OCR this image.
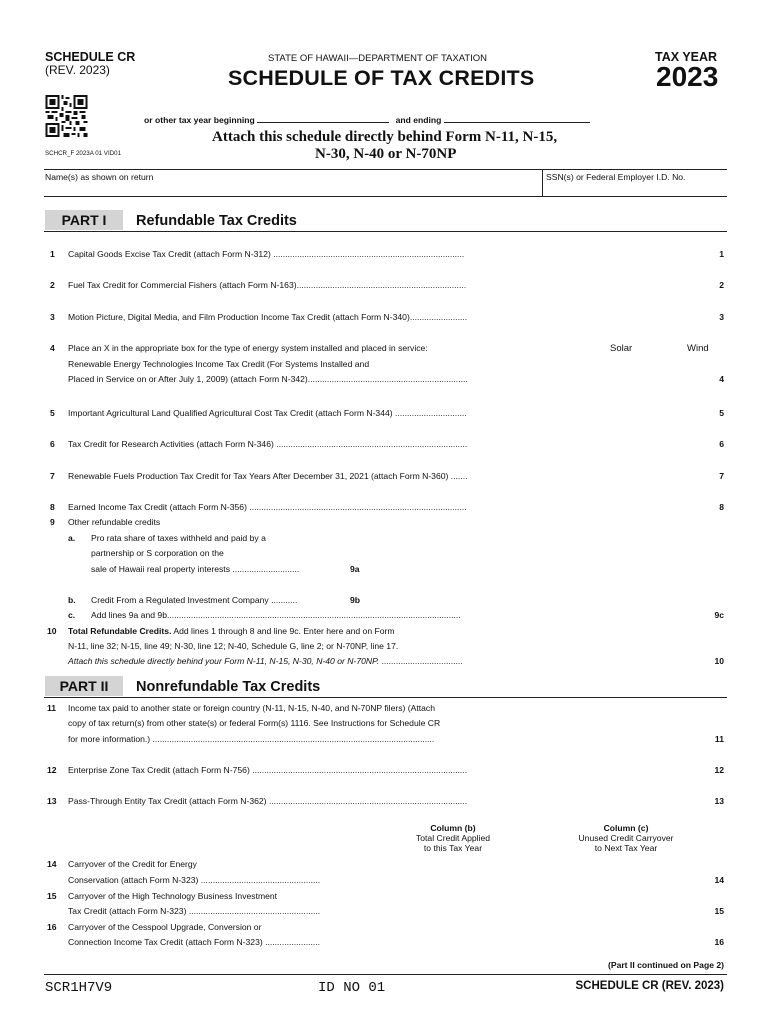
SCHEDULE CR
(REV. 2023)
STATE OF HAWAII—DEPARTMENT OF TAXATION
SCHEDULE OF TAX CREDITS
TAX YEAR
2023
or other tax year beginning	and ending
SCHCR_F 2023A 01 VID01
Attach this schedule directly behind Form N-11, N-15,
N-30, N-40 or N-70NP
Name(s) as shown on return	SSN(s) or Federal Employer I.D. No.
PART I	Refundable Tax Credits
1 Capital Goods Excise Tax Credit (attach Form N-312) ................................................................................	1
2 Fuel Tax Credit for Commercial Fishers (attach Form N-163).......................................................................	2
3 Motion Picture, Digital Media, and Film Production Income Tax Credit (attach Form N-340)........................	3
4 Place an X in the appropriate box for the type of energy system installed and placed in service:
Renewable Energy Technologies Income Tax Credit (For Systems Installed and
Placed in Service on or After July 1, 2009) (attach Form N-342)...................................................................
Solar	Wind
4
5 Important Agricultural Land Qualified Agricultural Cost Tax Credit (attach Form N-344) ..............................	5
6 Tax Credit for Research Activities (attach Form N-346) ................................................................................	6
7 Renewable Fuels Production Tax Credit for Tax Years After December 31, 2021 (attach Form N-360) .......	7
8 Earned Income Tax Credit (attach Form N-356) ...........................................................................................	8
9 Other refundable credits
a. Pro rata share of taxes withheld and paid by a
partnership or S corporation on the
sale of Hawaii real property interests ............................	9a
b. Credit From a Regulated Investment Company ...........	9b
c. Add lines 9a and 9b...........................................................................................................................	9c
10 Total Refundable Credits. Add lines 1 through 8 and line 9c. Enter here and on Form
N-11, line 32; N-15, line 49; N-30, line 12; N-40, Schedule G, line 2; or N-70NP, line 17.
Attach this schedule directly behind your Form N-11, N-15, N-30, N-40 or N-70NP. ..................................	10
PART II	Nonrefundable Tax Credits
11 Income tax paid to another state or foreign country (N-11, N-15, N-40, and N-70NP filers) (Attach
copy of tax return(s) from other state(s) or federal Form(s) 1116. See Instructions for Schedule CR
for more information.) ......................................................................................................................	11
12 Enterprise Zone Tax Credit (attach Form N-756) ..........................................................................................	12
13 Pass-Through Entity Tax Credit (attach Form N-362) ...................................................................................	13
Column (b)
Total Credit Applied
to this Tax Year
Column (c)
Unused Credit Carryover
to Next Tax Year
14 Carryover of the Credit for Energy
Conservation (attach Form N-323) ..................................................	14
15 Carryover of the High Technology Business Investment
Tax Credit (attach Form N-323) .......................................................	15
16 Carryover of the Cesspool Upgrade, Conversion or
Connection Income Tax Credit (attach Form N-323) .......................	16
(Part II continued on Page 2)
SCR1H7V9	ID NO 01	SCHEDULE CR (REV. 2023)
